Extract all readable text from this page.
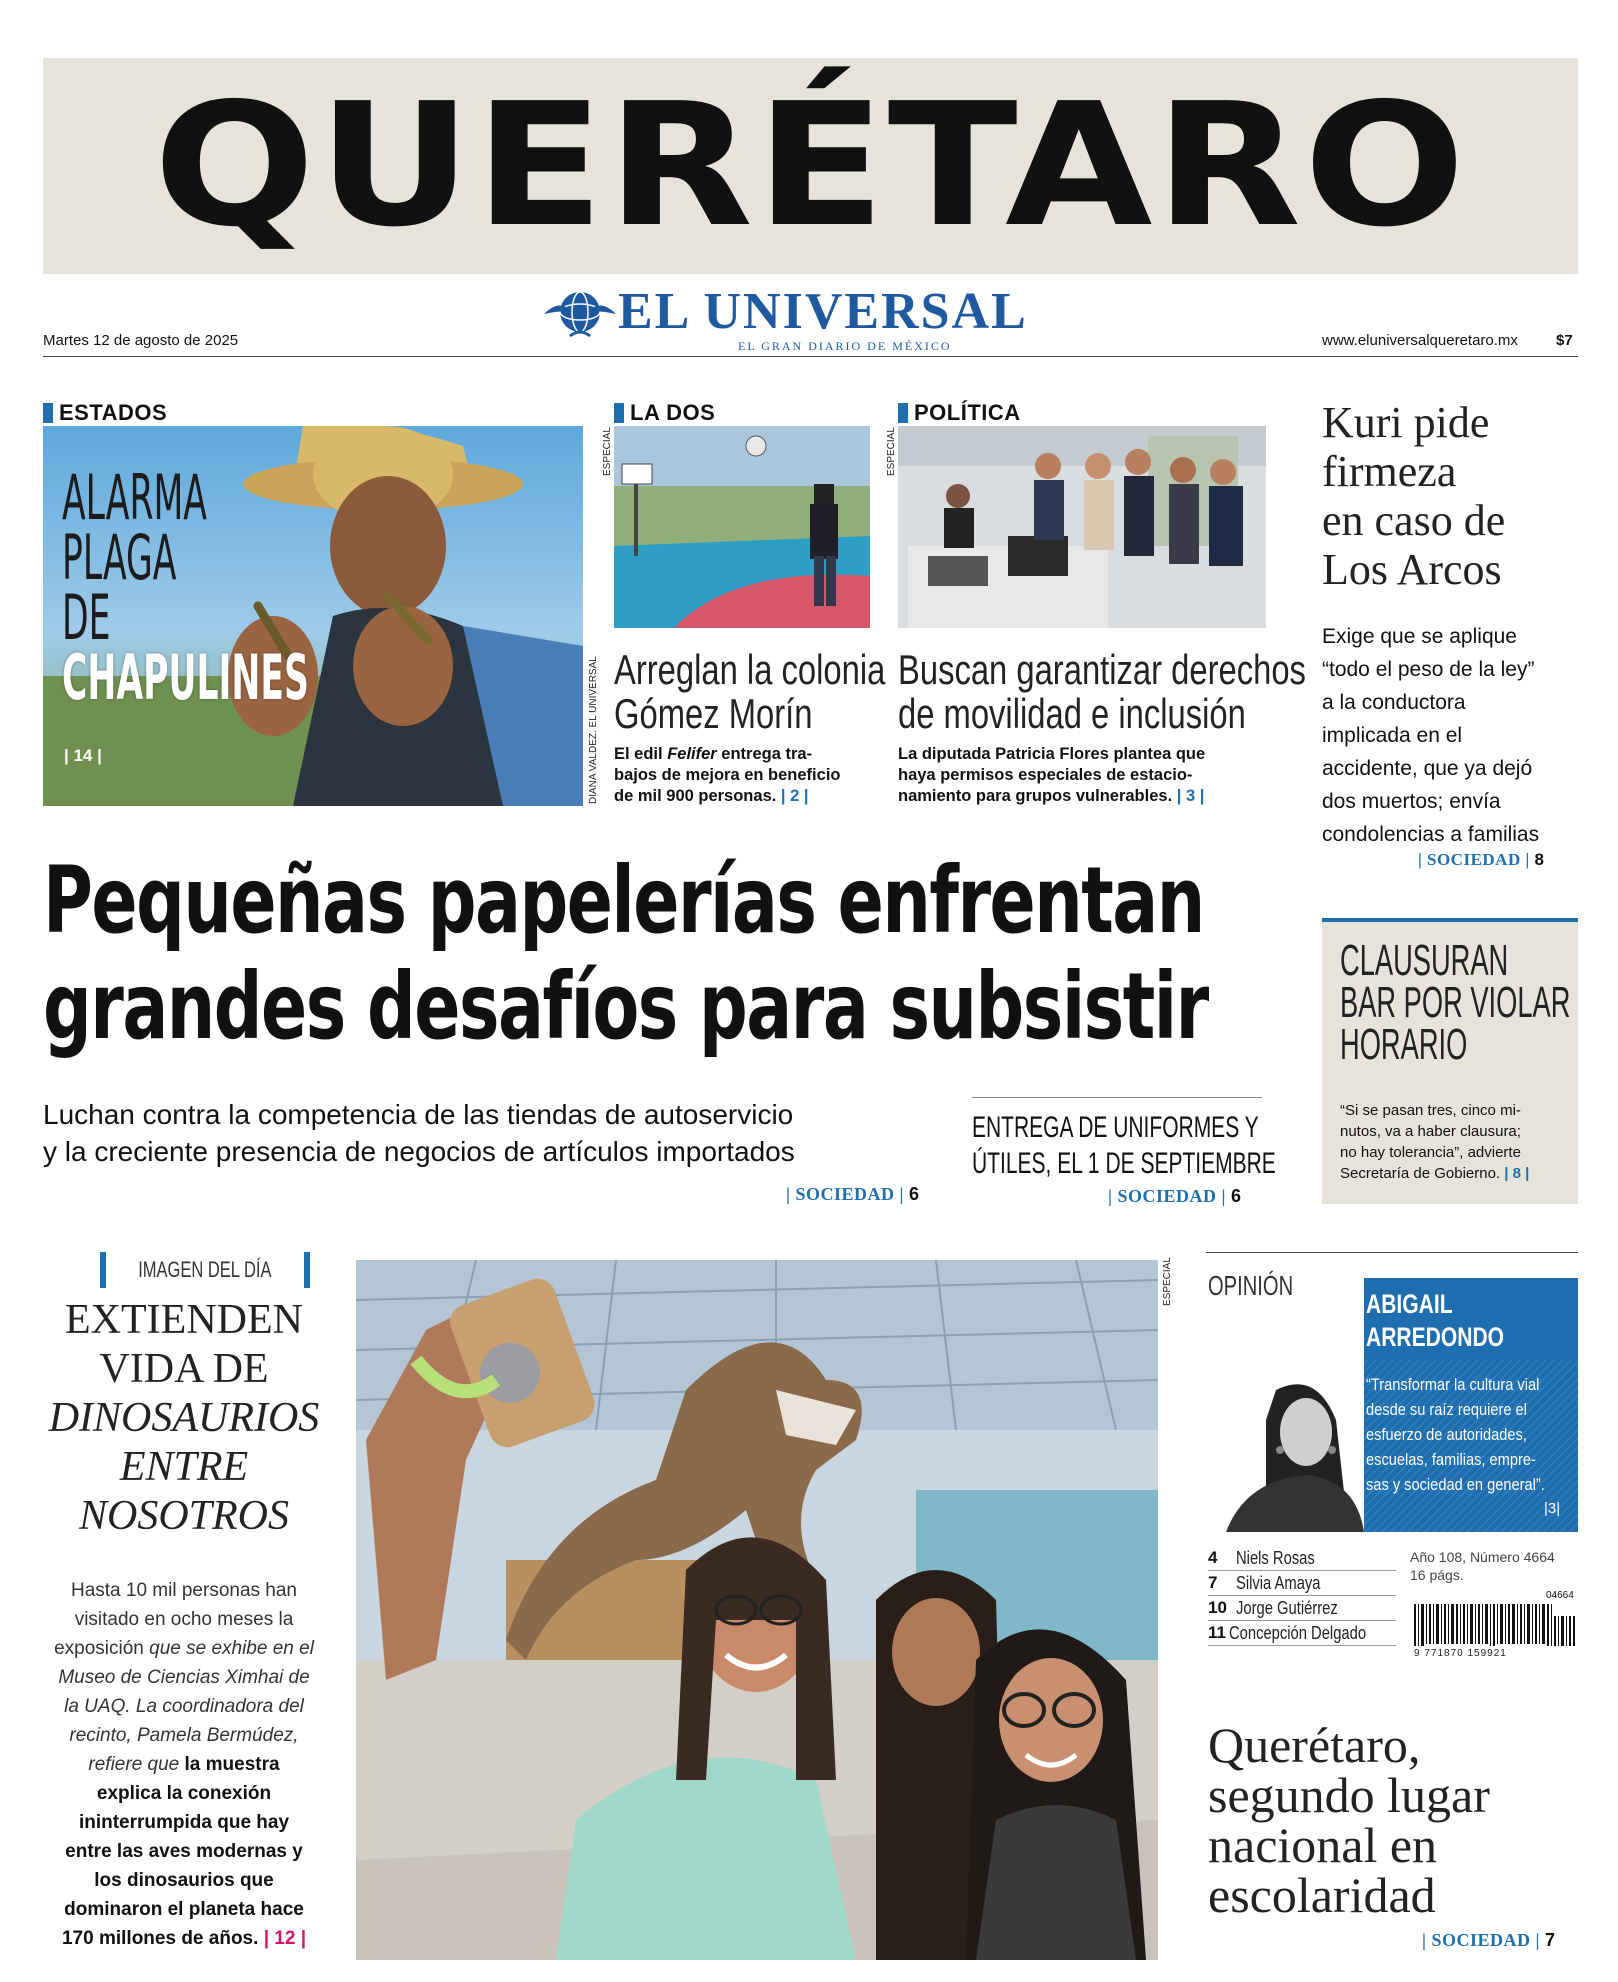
QUERÉTARO
EL UNIVERSAL
EL GRAN DIARIO DE MÉXICO
Martes 12 de agosto de 2025	www.eluniversalqueretaro.mx	$7
ESTADOS
ALARMA
PLAGA
DE
CHAPULINES
| 14 |	DIANA VALDEZ. EL UNIVERSAL
LA DOS
ESPECIAL
Arreglan la colonia
Gómez Morín
El edil Felifer entrega tra-
bajos de mejora en beneficio
de mil 900 personas. | 2 |
POLÍTICA
ESPECIAL
Buscan garantizar derechos
de movilidad e inclusión
La diputada Patricia Flores plantea que
haya permisos especiales de estacio-
namiento para grupos vulnerables. | 3 |
Kuri pide
firmeza
en caso de
Los Arcos
Exige que se aplique
“todo el peso de la ley”
a la conductora
implicada en el
accidente, que ya dejó
dos muertos; envía
condolencias a familias
| SOCIEDAD | 8
Pequeñas papelerías enfrentan
grandes desafíos para subsistir
Luchan contra la competencia de las tiendas de autoservicio
y la creciente presencia de negocios de artículos importados
| SOCIEDAD | 6
ENTREGA DE UNIFORMES Y
ÚTILES, EL 1 DE SEPTIEMBRE
| SOCIEDAD | 6
CLAUSURAN
BAR POR VIOLAR
HORARIO
“Si se pasan tres, cinco mi-
nutos, va a haber clausura;
no hay tolerancia”, advierte
Secretaría de Gobierno. | 8 |
IMAGEN DEL DÍA
EXTIENDEN
VIDA DE
DINOSAURIOS
ENTRE
NOSOTROS
Hasta 10 mil personas han
visitado en ocho meses la
exposición que se exhibe en el
Museo de Ciencias Ximhai de
la UAQ. La coordinadora del
recinto, Pamela Bermúdez,
refiere que la muestra
explica la conexión
ininterrumpida que hay
entre las aves modernas y
los dinosaurios que
dominaron el planeta hace
170 millones de años. | 12 |
ESPECIAL OPINIÓN
ABIGAIL
ARREDONDO
“Transformar la cultura vial
desde su raíz requiere el
esfuerzo de autoridades,
escuelas, familias, empre-
sas y sociedad en general”.
|3|
4	Niels Rosas
7	Silvia Amaya
10 Jorge Gutiérrez
11 Concepción Delgado
Año 108, Número 4664
16 págs.
04664
9 771870 159921
Querétaro,
segundo lugar
nacional en
escolaridad
| SOCIEDAD | 7
